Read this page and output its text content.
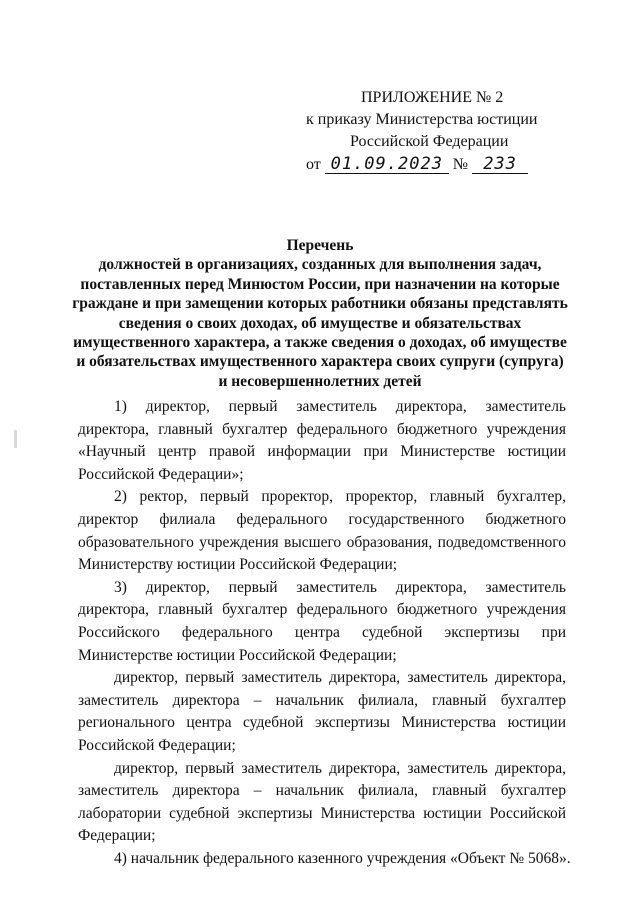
ПРИЛОЖЕНИЕ № 2
к приказу Министерства юстиции
Российской Федерации
от 01.09.2023 № 233
Перечень
должностей в организациях, созданных для выполнения задач,
поставленных перед Минюстом России, при назначении на которые
граждане и при замещении которых работники обязаны представлять
сведения о своих доходах, об имуществе и обязательствах
имущественного характера, а также сведения о доходах, об имуществе
и обязательствах имущественного характера своих супруги (супруга)
и несовершеннолетних детей

1) директор, первый заместитель директора, заместитель директора, главный бухгалтер федерального бюджетного учреждения «Научный центр правой информации при Министерстве юстиции Российской Федерации»;

2) ректор, первый проректор, проректор, главный бухгалтер, директор филиала федерального государственного бюджетного образовательного учреждения высшего образования, подведомственного Министерству юстиции Российской Федерации;

3) директор, первый заместитель директора, заместитель директора, главный бухгалтер федерального бюджетного учреждения Российского федерального центра судебной экспертизы при Министерстве юстиции Российской Федерации;

директор, первый заместитель директора, заместитель директора, заместитель директора – начальник филиала, главный бухгалтер регионального центра судебной экспертизы Министерства юстиции Российской Федерации;

директор, первый заместитель директора, заместитель директора, заместитель директора – начальник филиала, главный бухгалтер лаборатории судебной экспертизы Министерства юстиции Российской Федерации;

4) начальник федерального казенного учреждения «Объект № 5068».
